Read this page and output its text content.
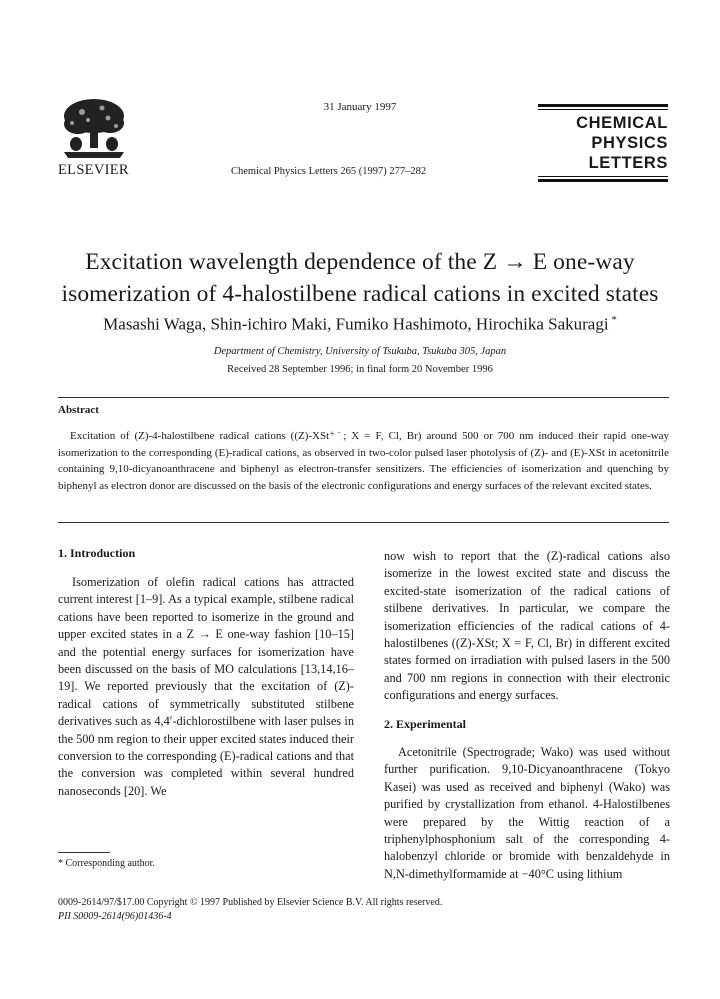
ELSEVIER
31 January 1997
Chemical Physics Letters 265 (1997) 277–282
CHEMICAL
PHYSICS
LETTERS
Excitation wavelength dependence of the Z → E one-way
isomerization of 4-halostilbene radical cations in excited states
Masashi Waga, Shin-ichiro Maki, Fumiko Hashimoto, Hirochika Sakuragi *
Department of Chemistry, University of Tsukuba, Tsukuba 305, Japan
Received 28 September 1996; in final form 20 November 1996
Abstract
Excitation of (Z)-4-halostilbene radical cations ((Z)-XSt⁺˙; X = F, Cl, Br) around 500 or 700 nm induced their rapid one-way isomerization to the corresponding (E)-radical cations, as observed in two-color pulsed laser photolysis of (Z)- and (E)-XSt in acetonitrile containing 9,10-dicyanoanthracene and biphenyl as electron-transfer sensitizers. The efficiencies of isomerization and quenching by biphenyl as electron donor are discussed on the basis of the electronic configurations and energy surfaces of the relevant excited states.
1. Introduction
Isomerization of olefin radical cations has attracted current interest [1–9]. As a typical example, stilbene radical cations have been reported to isomerize in the ground and upper excited states in a Z → E one-way fashion [10–15] and the potential energy surfaces for isomerization have been discussed on the basis of MO calculations [13,14,16–19]. We reported previously that the excitation of (Z)-radical cations of symmetrically substituted stilbene derivatives such as 4,4′-dichlorostilbene with laser pulses in the 500 nm region to their upper excited states induced their conversion to the corresponding (E)-radical cations and that the conversion was completed within several hundred nanoseconds [20]. We
now wish to report that the (Z)-radical cations also isomerize in the lowest excited state and discuss the excited-state isomerization of the radical cations of stilbene derivatives. In particular, we compare the isomerization efficiencies of the radical cations of 4-halostilbenes ((Z)-XSt; X = F, Cl, Br) in different excited states formed on irradiation with pulsed lasers in the 500 and 700 nm regions in connection with their electronic configurations and energy surfaces.
2. Experimental
Acetonitrile (Spectrograde; Wako) was used without further purification. 9,10-Dicyanoanthracene (Tokyo Kasei) was used as received and biphenyl (Wako) was purified by crystallization from ethanol. 4-Halostilbenes were prepared by the Wittig reaction of a triphenylphosphonium salt of the corresponding 4-halobenzyl chloride or bromide with benzaldehyde in N,N-dimethylformamide at −40°C using lithium
* Corresponding author.
0009-2614/97/$17.00 Copyright © 1997 Published by Elsevier Science B.V. All rights reserved.
PII S0009-2614(96)01436-4
